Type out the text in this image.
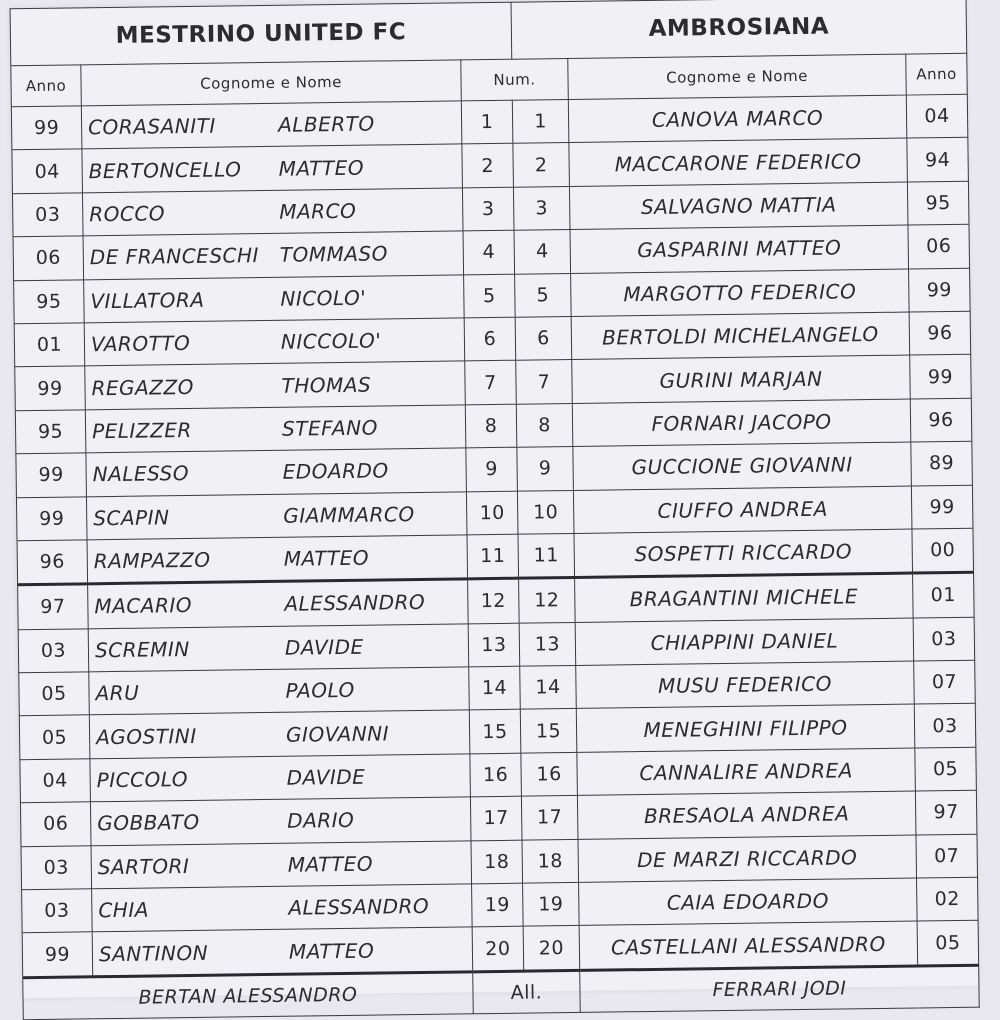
MESTRINO UNITED FC			AMBROSIANA		
Anno	Cognome e Nome	Num.		Cognome e Nome	Anno
99	CORASANITI ALBERTO	1	1	CANOVA MARCO	04
04	BERTONCELLO MATTEO	2	2	MACCARONE FEDERICO	94
03	ROCCO MARCO	3	3	SALVAGNO MATTIA	95
06	DE FRANCESCHI TOMMASO	4	4	GASPARINI MATTEO	06
95	VILLATORA NICOLO'	5	5	MARGOTTO FEDERICO	99
01	VAROTTO NICCOLO'	6	6	BERTOLDI MICHELANGELO	96
99	REGAZZO THOMAS	7	7	GURINI MARJAN	99
95	PELIZZER STEFANO	8	8	FORNARI JACOPO	96
99	NALESSO EDOARDO	9	9	GUCCIONE GIOVANNI	89
99	SCAPIN GIAMMARCO	10	10	CIUFFO ANDREA	99
96	RAMPAZZO MATTEO	11	11	SOSPETTI RICCARDO	00
97	MACARIO ALESSANDRO	12	12	BRAGANTINI MICHELE	01
03	SCREMIN DAVIDE	13	13	CHIAPPINI DANIEL	03
05	ARU PAOLO	14	14	MUSU FEDERICO	07
05	AGOSTINI GIOVANNI	15	15	MENEGHINI FILIPPO	03
04	PICCOLO DAVIDE	16	16	CANNALIRE ANDREA	05
06	GOBBATO DARIO	17	17	BRESAOLA ANDREA	97
03	SARTORI MATTEO	18	18	DE MARZI RICCARDO	07
03	CHIA ALESSANDRO	19	19	CAIA EDOARDO	02
99	SANTINON MATTEO	20	20	CASTELLANI ALESSANDRO	05
BERTAN ALESSANDRO		All.		FERRARI JODI	
